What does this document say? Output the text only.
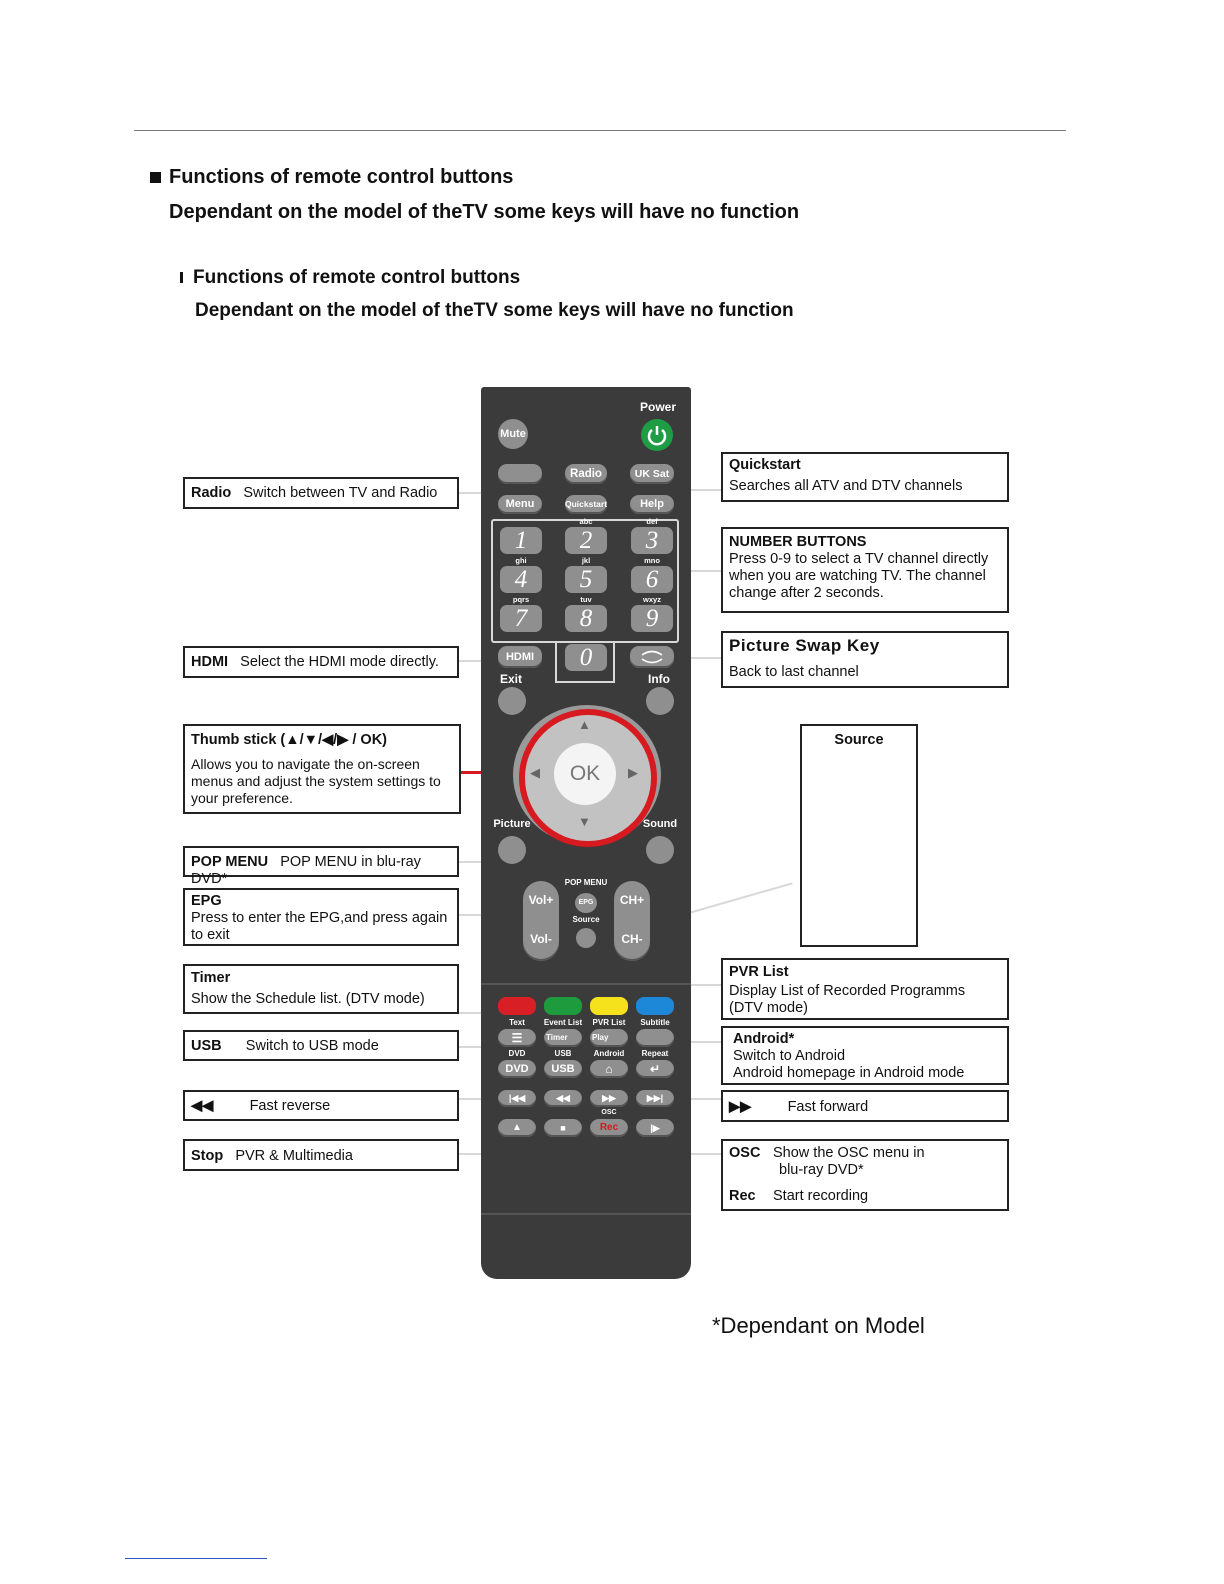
Functions of remote control buttons
Dependant on the model of theTV some keys will have no function
Functions of remote control buttons
Dependant on the model of theTV some keys will have no function
Radio Switch between TV and Radio
HDMI Select the HDMI mode directly.
Thumb stick (▲/▼/◀/▶ / OK)
Allows you to navigate the on-screen menus and adjust the system settings to your preference.
POP MENU POP MENU in blu-ray DVD*
EPG
Press to enter the EPG,and press again to exit
Timer
Show the Schedule list. (DTV mode)
USB Switch to USB mode
◀◀	Fast reverse
Stop PVR & Multimedia
Quickstart
Searches all ATV and DTV channels
NUMBER BUTTONS
Press 0-9 to select a TV channel directly when you are watching TV. The channel change after 2 seconds.
Picture Swap Key
Back to last channel
Source
PVR List
Display List of Recorded Programms (DTV mode)
Android*
Switch to Android
Android homepage in Android mode
▶▶	Fast forward
OSC Show the OSC menu in
blu-ray DVD*
Rec Start recording
Power
Mute
Radio	UK Sat
Menu	Quickstart	Help
abc	def
1	2	3
ghi	jkl	mno
4	5	6
pqrs	tuv	wxyz
7	8	9
HDMI	0
Exit	Info
OK
▲
▼
◀	▶
Picture	Sound
POP MENU
Vol+
Vol-
CH+
CH-
EPG
Source
Text	Event List	PVR List	Subtitle
☰	Timer	Play
DVD	USB	Android	Repeat
DVD	USB	⌂	↵
|◀◀	◀◀	▶▶	▶▶|
OSC
▲	■	Rec	|▶
*Dependant on Model
